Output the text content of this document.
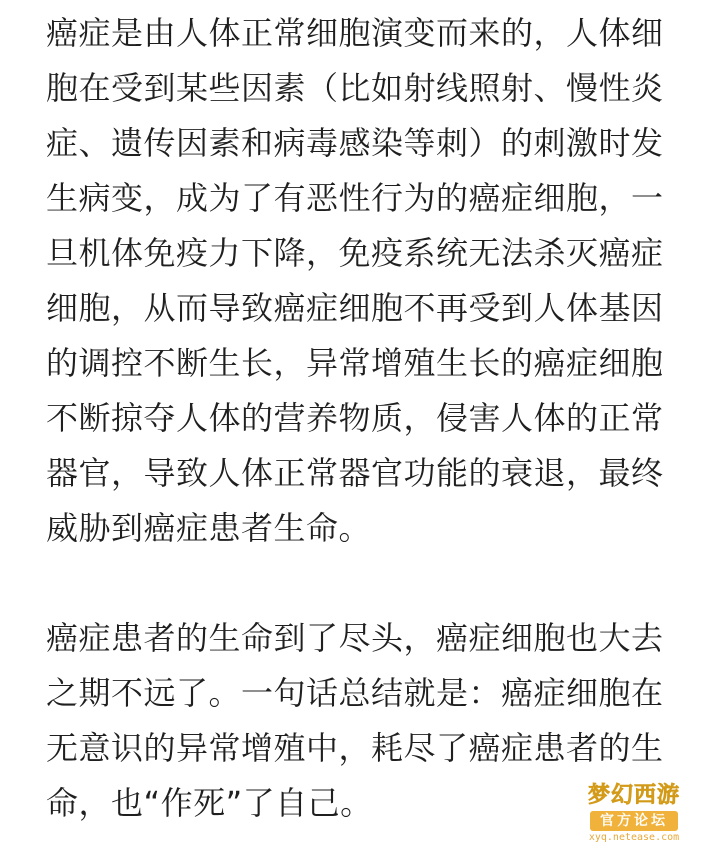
癌症是由人体正常细胞演变而来的，人体细胞在受到某些因素（比如射线照射、慢性炎症、遗传因素和病毒感染等刺）的刺激时发生病变，成为了有恶性行为的癌症细胞，一旦机体免疫力下降，免疫系统无法杀灭癌症细胞，从而导致癌症细胞不再受到人体基因的调控不断生长，异常增殖生长的癌症细胞不断掠夺人体的营养物质，侵害人体的正常器官，导致人体正常器官功能的衰退，最终威胁到癌症患者生命。

癌症患者的生命到了尽头，癌症细胞也大去之期不远了。一句话总结就是：癌症细胞在无意识的异常增殖中，耗尽了癌症患者的生命，也“作死”了自己。	梦幻西游
官方论坛
xyq.netease.com
